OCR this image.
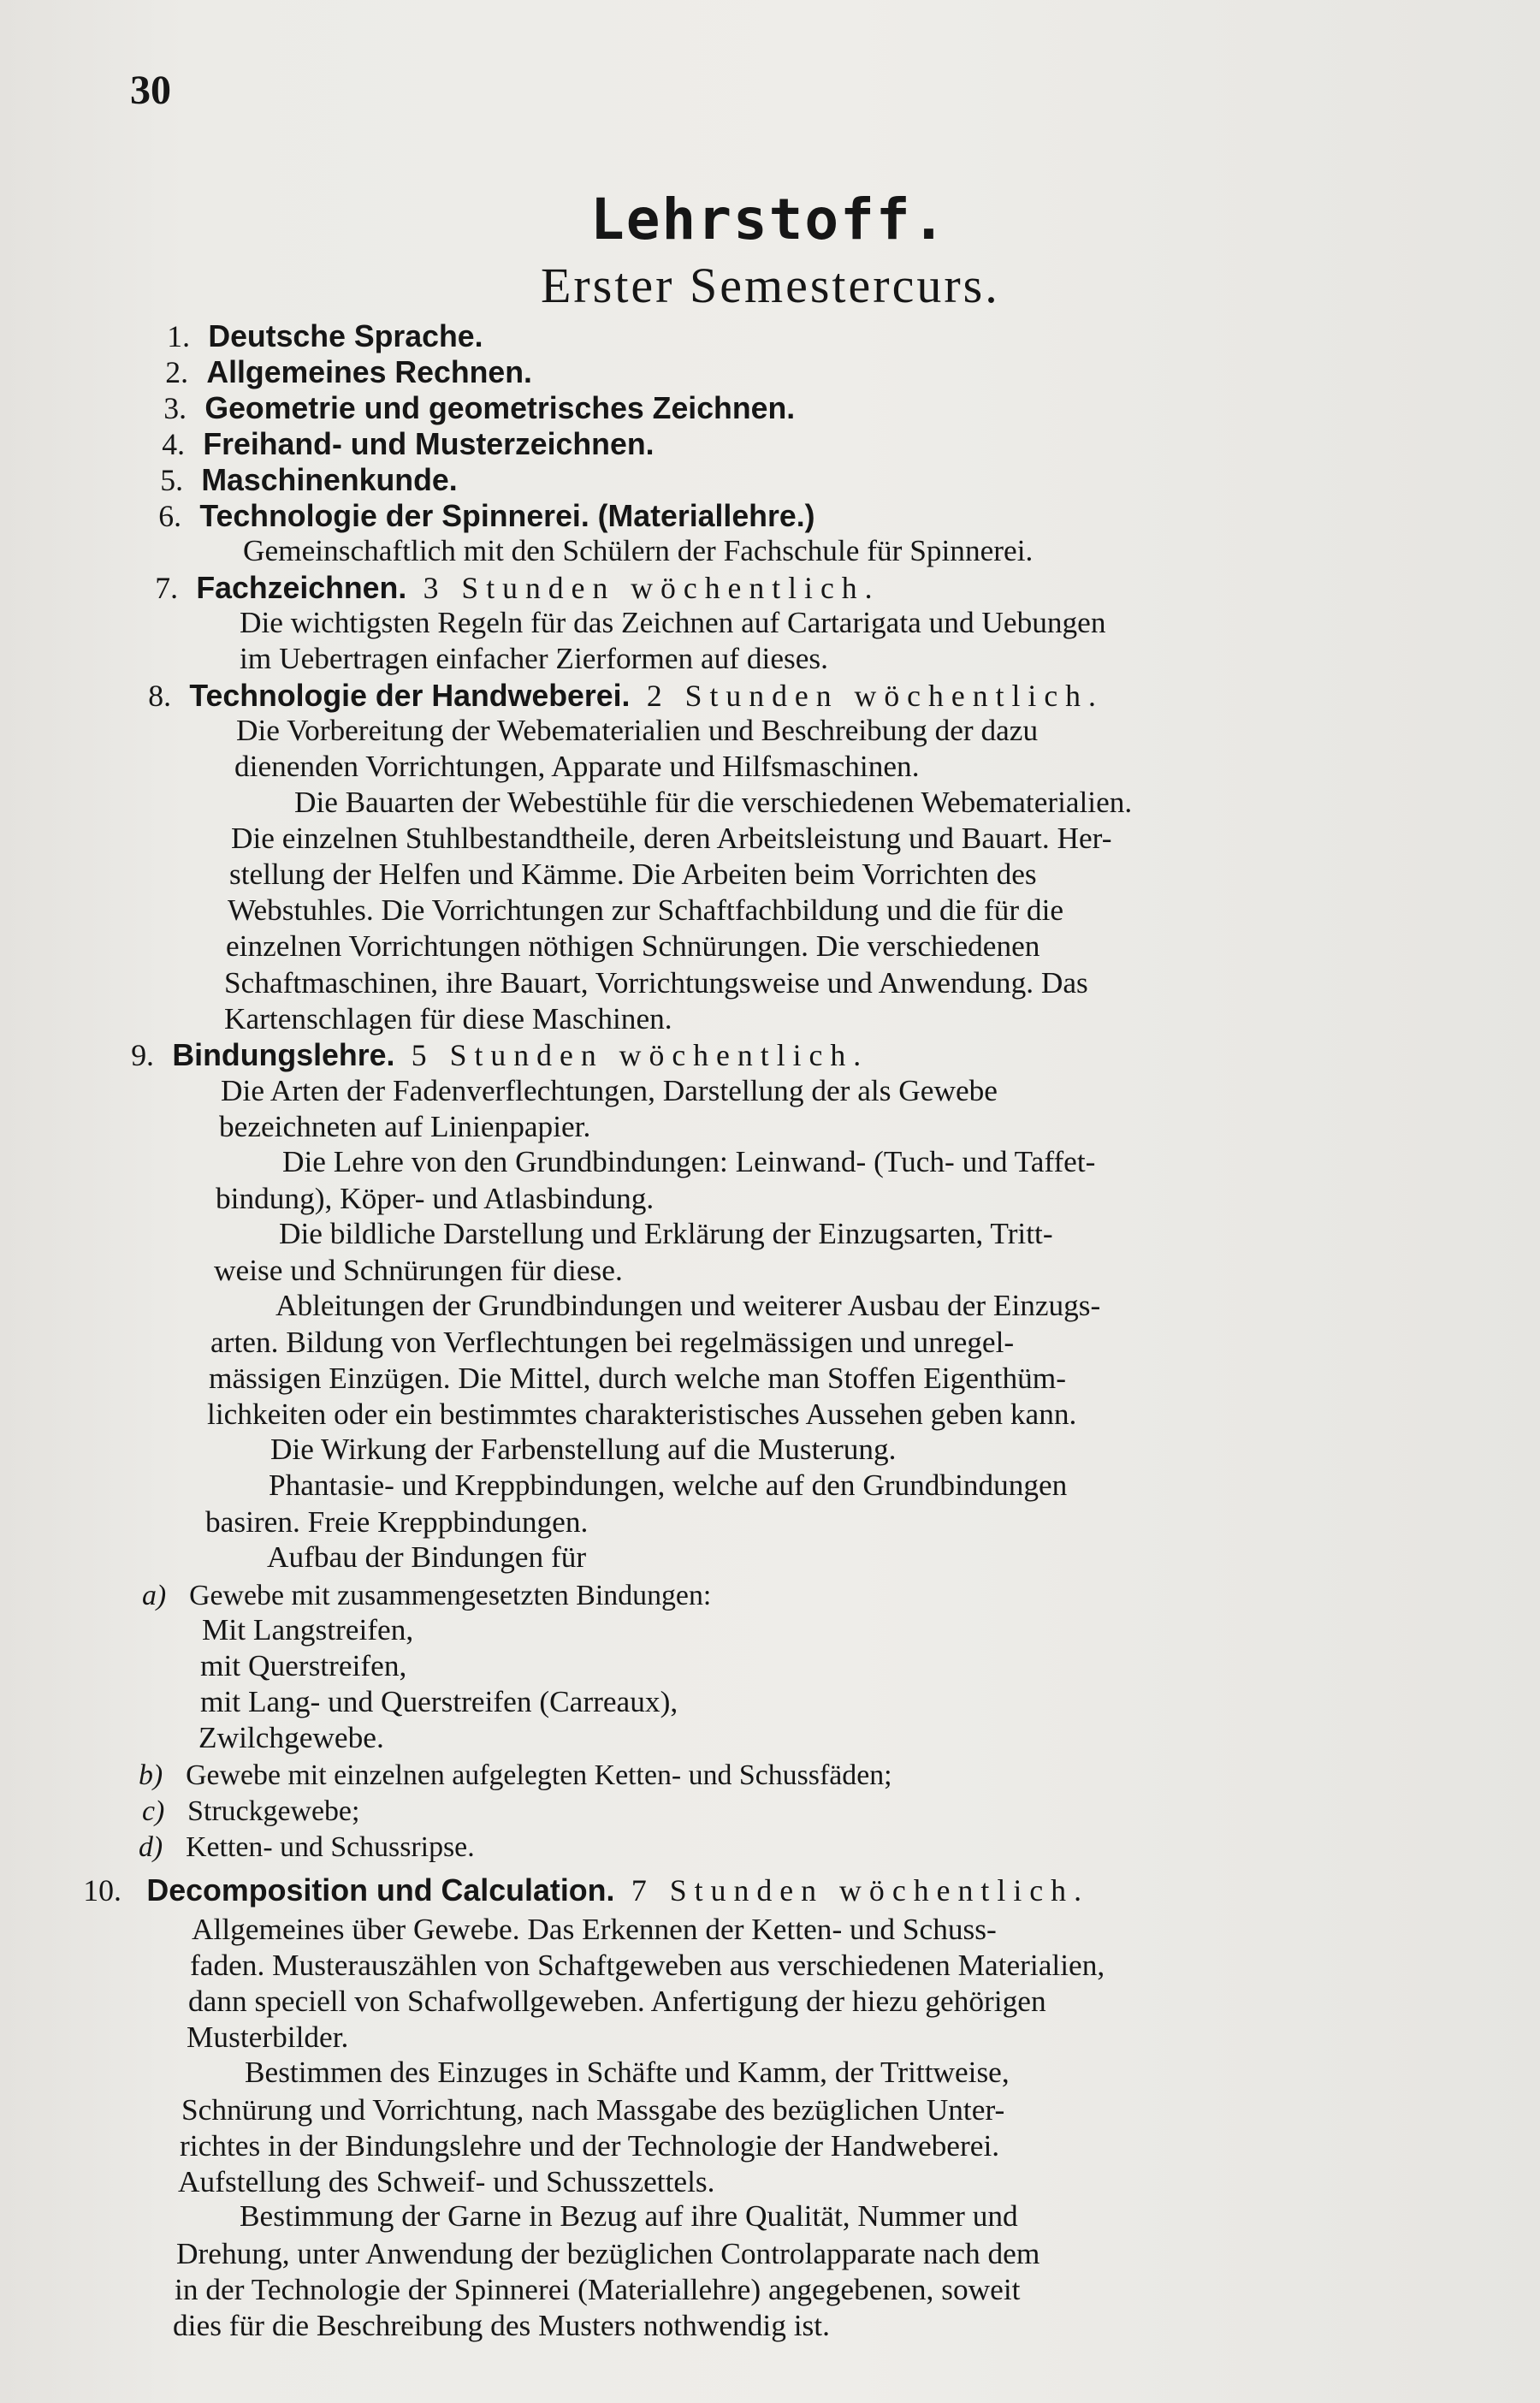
30
Lehrstoff.
Erster Semestercurs.
1. Deutsche Sprache.
2. Allgemeines Rechnen.
3. Geometrie und geometrisches Zeichnen.
4. Freihand- und Musterzeichnen.
5. Maschinenkunde.
6. Technologie der Spinnerei. (Materiallehre.)
Gemeinschaftlich mit den Schülern der Fachschule für Spinnerei.
7. Fachzeichnen. 3 Stunden wöchentlich.
Die wichtigsten Regeln für das Zeichnen auf Cartarigata und Uebungen
im Uebertragen einfacher Zierformen auf dieses.
8. Technologie der Handweberei. 2 Stunden wöchentlich.
Die Vorbereitung der Webematerialien und Beschreibung der dazu
dienenden Vorrichtungen, Apparate und Hilfsmaschinen.
Die Bauarten der Webestühle für die verschiedenen Webematerialien.
Die einzelnen Stuhlbestandtheile, deren Arbeitsleistung und Bauart. Her-
stellung der Helfen und Kämme. Die Arbeiten beim Vorrichten des
Webstuhles. Die Vorrichtungen zur Schaftfachbildung und die für die
einzelnen Vorrichtungen nöthigen Schnürungen. Die verschiedenen
Schaftmaschinen, ihre Bauart, Vorrichtungsweise und Anwendung. Das
Kartenschlagen für diese Maschinen.
9. Bindungslehre. 5 Stunden wöchentlich.
Die Arten der Fadenverflechtungen, Darstellung der als Gewebe
bezeichneten auf Linienpapier.
Die Lehre von den Grundbindungen: Leinwand- (Tuch- und Taffet-
bindung), Köper- und Atlasbindung.
Die bildliche Darstellung und Erklärung der Einzugsarten, Tritt-
weise und Schnürungen für diese.
Ableitungen der Grundbindungen und weiterer Ausbau der Einzugs-
arten. Bildung von Verflechtungen bei regelmässigen und unregel-
mässigen Einzügen. Die Mittel, durch welche man Stoffen Eigenthüm-
lichkeiten oder ein bestimmtes charakteristisches Aussehen geben kann.
Die Wirkung der Farbenstellung auf die Musterung.
Phantasie- und Kreppbindungen, welche auf den Grundbindungen
basiren. Freie Kreppbindungen.
Aufbau der Bindungen für
a) Gewebe mit zusammengesetzten Bindungen:
Mit Langstreifen,
mit Querstreifen,
mit Lang- und Querstreifen (Carreaux),
Zwilchgewebe.
b) Gewebe mit einzelnen aufgelegten Ketten- und Schussfäden;
c) Struckgewebe;
d) Ketten- und Schussripse.
10. Decomposition und Calculation. 7 Stunden wöchentlich.
Allgemeines über Gewebe. Das Erkennen der Ketten- und Schuss-
faden. Musterauszählen von Schaftgeweben aus verschiedenen Materialien,
dann speciell von Schafwollgeweben. Anfertigung der hiezu gehörigen
Musterbilder.
Bestimmen des Einzuges in Schäfte und Kamm, der Trittweise,
Schnürung und Vorrichtung, nach Massgabe des bezüglichen Unter-
richtes in der Bindungslehre und der Technologie der Handweberei.
Aufstellung des Schweif- und Schusszettels.
Bestimmung der Garne in Bezug auf ihre Qualität, Nummer und
Drehung, unter Anwendung der bezüglichen Controlapparate nach dem
in der Technologie der Spinnerei (Materiallehre) angegebenen, soweit
dies für die Beschreibung des Musters nothwendig ist.
